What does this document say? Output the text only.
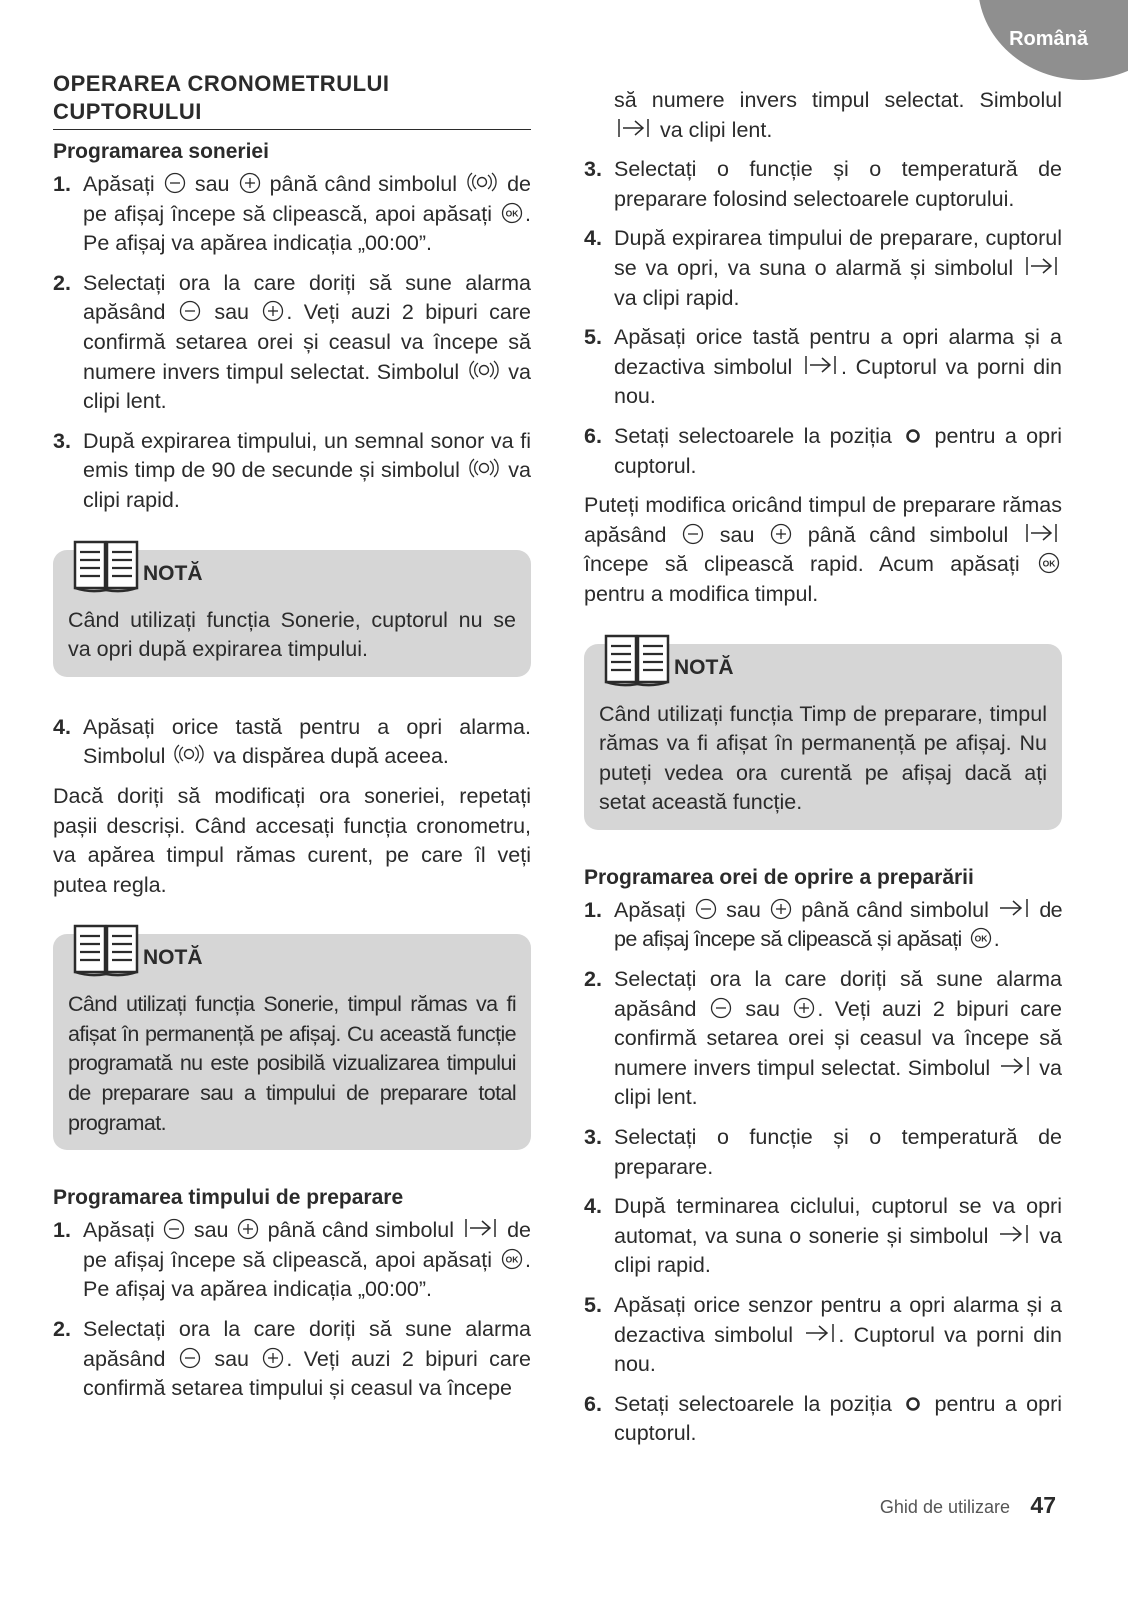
Română
OPERAREA CRONOMETRULUI CUPTORULUI
Programarea soneriei
1. Apăsați sau până când simbolul de pe afișaj începe să clipească, apoi apăsați . Pe afișaj va apărea indicația „00:00”.
2. Selectați ora la care doriți să sune alarma apăsând sau . Veți auzi 2 bipuri care confirmă setarea orei și ceasul va începe să numere invers timpul selectat. Simbolul va clipi lent.
3. După expirarea timpului, un semnal sonor va fi emis timp de 90 de secunde și simbolul va clipi rapid.
NOTĂ
Când utilizați funcția Sonerie, cuptorul nu se va opri după expirarea timpului.
4. Apăsați orice tastă pentru a opri alarma. Simbolul va dispărea după aceea.
Dacă doriți să modificați ora soneriei, repetați pașii descriși. Când accesați funcția cronometru, va apărea timpul rămas curent, pe care îl veți putea regla.
NOTĂ
Când utilizați funcția Sonerie, timpul rămas va fi afișat în permanență pe afișaj. Cu această funcție programată nu este posibilă vizualizarea timpului de preparare sau a timpului de preparare total programat.
Programarea timpului de preparare
1. Apăsați sau până când simbolul de pe afișaj începe să clipească, apoi apăsați . Pe afișaj va apărea indicația „00:00”.
2. Selectați ora la care doriți să sune alarma apăsând sau . Veți auzi 2 bipuri care confirmă setarea timpului și ceasul va începe
să numere invers timpul selectat. Simbolul  va clipi lent.
3. Selectați o funcție și o temperatură de preparare folosind selectoarele cuptorului.
4. După expirarea timpului de preparare, cuptorul se va opri, va suna o alarmă și simbolul  va clipi rapid.
5. Apăsați orice tastă pentru a opri alarma și a dezactiva simbolul . Cuptorul va porni din nou.
6. Setați selectoarele la poziția pentru a opri cuptorul.
Puteți modifica oricând timpul de preparare rămas apăsând sau până când simbolul  începe să clipească rapid. Acum apăsați  pentru a modifica timpul.
NOTĂ
Când utilizați funcția Timp de preparare, timpul rămas va fi afișat în permanență pe afișaj. Nu puteți vedea ora curentă pe afișaj dacă ați setat această funcție.
Programarea orei de oprire a preparării
1. Apăsați sau până când simbolul de pe afișaj începe să clipească și apăsați .
2. Selectați ora la care doriți să sune alarma apăsând sau . Veți auzi 2 bipuri care confirmă setarea orei și ceasul va începe să numere invers timpul selectat. Simbolul va clipi lent.
3. Selectați o funcție și o temperatură de preparare.
4. După terminarea ciclului, cuptorul se va opri automat, va suna o sonerie și simbolul va clipi rapid.
5. Apăsați orice senzor pentru a opri alarma și a dezactiva simbolul . Cuptorul va porni din nou.
6. Setați selectoarele la poziția pentru a opri cuptorul.
Ghid de utilizare 47
